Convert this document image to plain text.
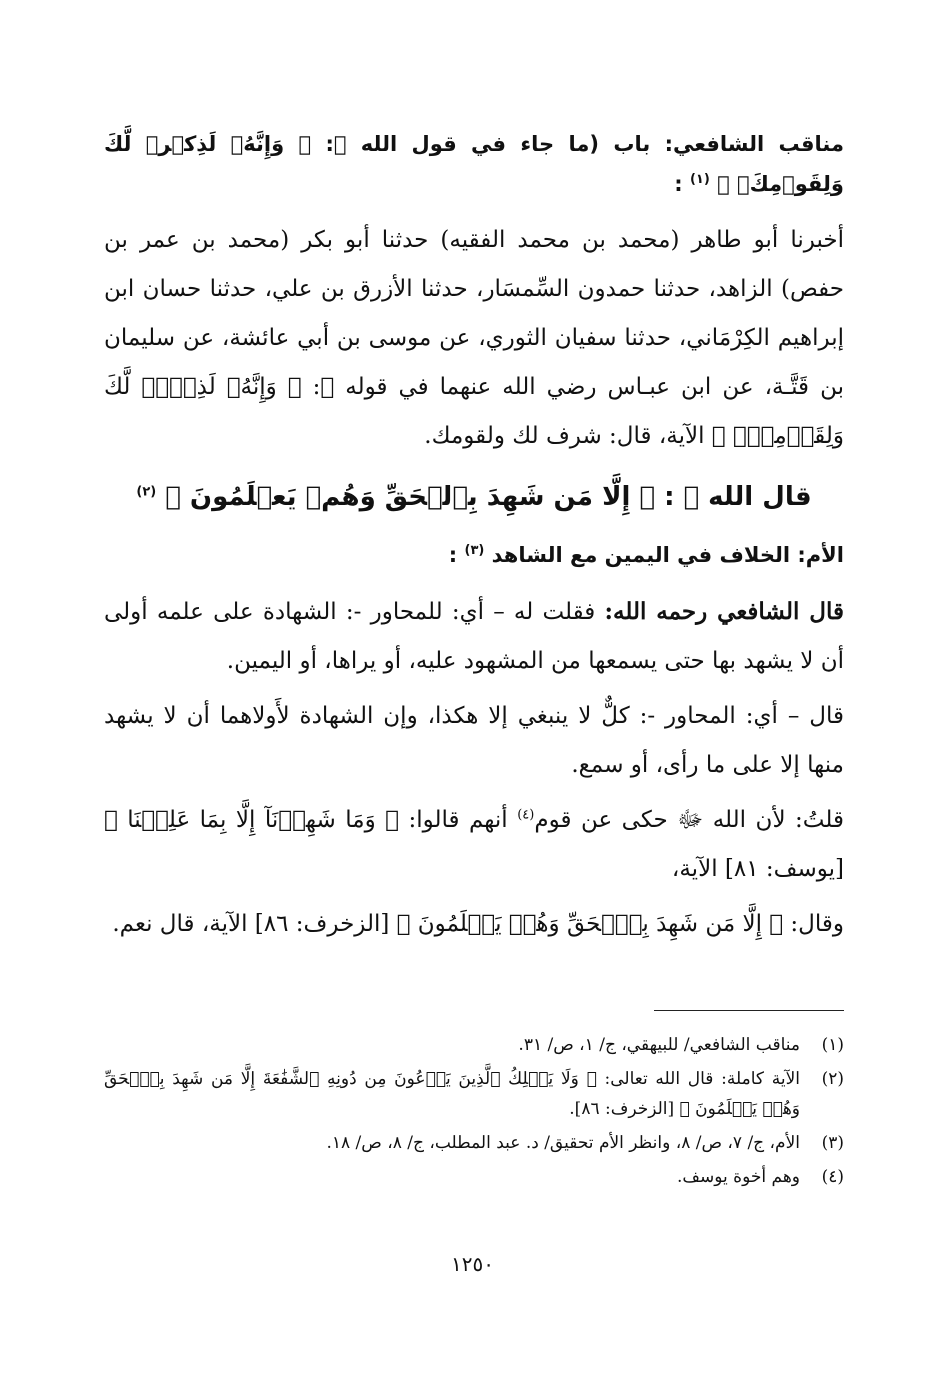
مناقب الشافعي: باب (ما جاء في قول الله ﷻ: ﴿ وَإِنَّهُۥ لَذِكۡرٞ لَّكَ وَلِقَوۡمِكَۖ ﴾ $^{(١)}$ :

أخبرنا أبو طاهر (محمد بن محمد الفقيه) حدثنا أبو بكر (محمد بن عمر بن حفص) الزاهد، حدثنا حمدون السِّمسَار، حدثنا الأزرق بن علي، حدثنا حسان ابن إبراهيم الكِرْمَاني، حدثنا سفيان الثوري، عن موسى بن أبي عائشة، عن سليمان بن قَتَّـة، عن ابن عبـاس رضي الله عنهما في قوله ﷻ: ﴿ وَإِنَّهُۥ لَذِكۡرٞ لَّكَ وَلِقَوۡمِكَۖ ﴾ الآية، قال: شرف لك ولقومك.

قال الله ﷻ : ﴿ إِلَّا مَن شَهِدَ بِٱلۡحَقِّ وَهُمۡ يَعۡلَمُونَ ﴾ $^{(٢)}$
الأم: الخلاف في اليمين مع الشاهد $^{(٣)}$ :

قال الشافعي رحمه الله: فقلت له – أي: للمحاور -: الشهادة على علمه أولى أن لا يشهد بها حتى يسمعها من المشهود عليه، أو يراها، أو اليمين.

قال – أي: المحاور -: كلٌّ لا ينبغي إلا هكذا، وإن الشهادة لأَولاهما أن لا يشهد منها إلا على ما رأى، أو سمع.

قلتُ: لأن الله ﷻ حكى عن قوم$^{(٤)}$ أنهم قالوا: ﴿ وَمَا شَهِدۡنَآ إِلَّا بِمَا عَلِمۡنَا ﴾ [يوسف: ٨١] الآية،

وقال: ﴿ إِلَّا مَن شَهِدَ بِٱلۡحَقِّ وَهُمۡ يَعۡلَمُونَ ﴾ [الزخرف: ٨٦] الآية، قال نعم.

(١)
مناقب الشافعي/ للبيهقي، ج/ ١، ص/ ٣١.
(٢)
الآية كاملة: قال الله تعالى: ﴿ وَلَا يَمۡلِكُ ٱلَّذِينَ يَدۡعُونَ مِن دُونِهِ ٱلشَّفَٰعَةَ إِلَّا مَن شَهِدَ بِٱلۡحَقِّ وَهُمۡ يَعۡلَمُونَ ﴾ [الزخرف: ٨٦].
(٣)
الأم، ج/ ٧، ص/ ٨، وانظر الأم تحقيق/ د. عبد المطلب، ج/ ٨، ص/ ١٨.
(٤)
وهم أخوة يوسف.
١٢٥٠
